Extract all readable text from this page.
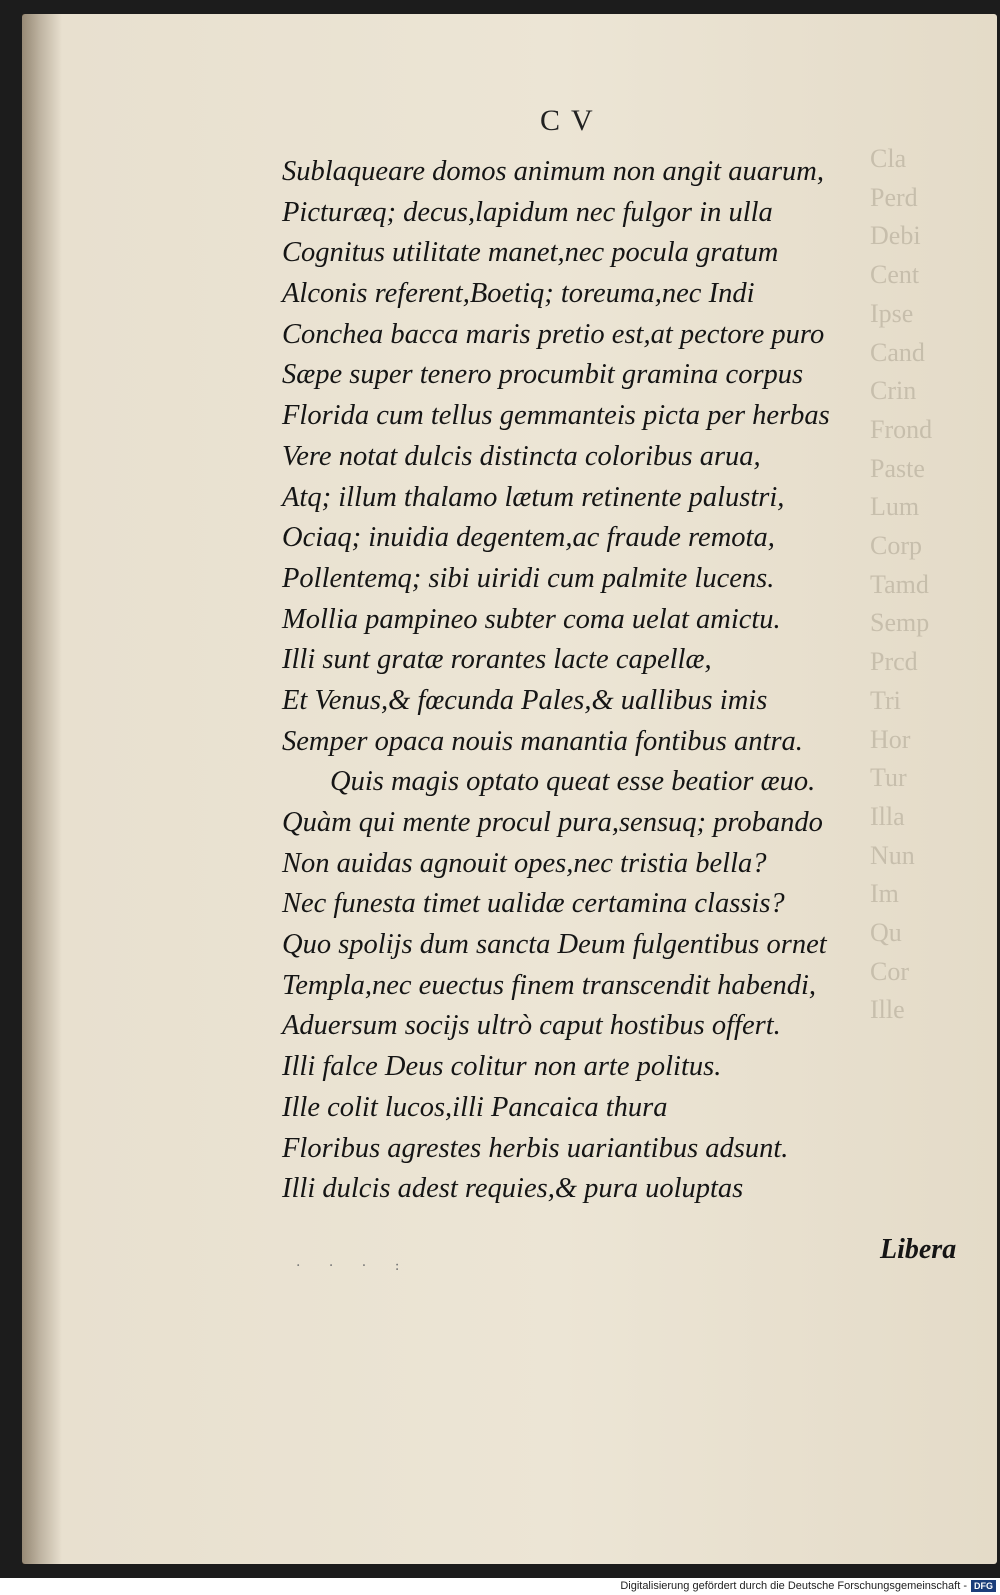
Cla
Perd
Debi
Cent
Ipse
Cand
Crin
Frond
Paste
Lum
Corp
Tamd
Semp
Prcd
Tri
Hor
Tur
Illa
Nun
Im
Qu
Cor
Ille
C V
Sublaqueare domos animum non angit auarum,
Picturæq; decus,lapidum nec fulgor in ulla
Cognitus utilitate manet,nec pocula gratum
Alconis referent,Boetiq; toreuma,nec Indi
Conchea bacca maris pretio est,at pectore puro
Sæpe super tenero procumbit gramina corpus
Florida cum tellus gemmanteis picta per herbas
Vere notat dulcis distincta coloribus arua,
Atq; illum thalamo lætum retinente palustri,
Ociaq; inuidia degentem,ac fraude remota,
Pollentemq; sibi uiridi cum palmite lucens.
Mollia pampineo subter coma uelat amictu.
Illi sunt gratæ rorantes lacte capellæ,
Et Venus,& fœcunda Pales,& uallibus imis
Semper opaca nouis manantia fontibus antra.
Quis magis optato queat esse beatior æuo.
Quàm qui mente procul pura,sensuq; probando
Non auidas agnouit opes,nec tristia bella?
Nec funesta timet ualidæ certamina classis?
Quo spolijs dum sancta Deum fulgentibus ornet
Templa,nec euectus finem transcendit habendi,
Aduersum socijs ultrò caput hostibus offert.
Illi falce Deus colitur non arte politus.
Ille colit lucos,illi Pancaica thura
Floribus agrestes herbis uariantibus adsunt.
Illi dulcis adest requies,& pura uoluptas
Libera
· · · :
Digitalisierung gefördert durch die Deutsche Forschungsgemeinschaft - DFG
